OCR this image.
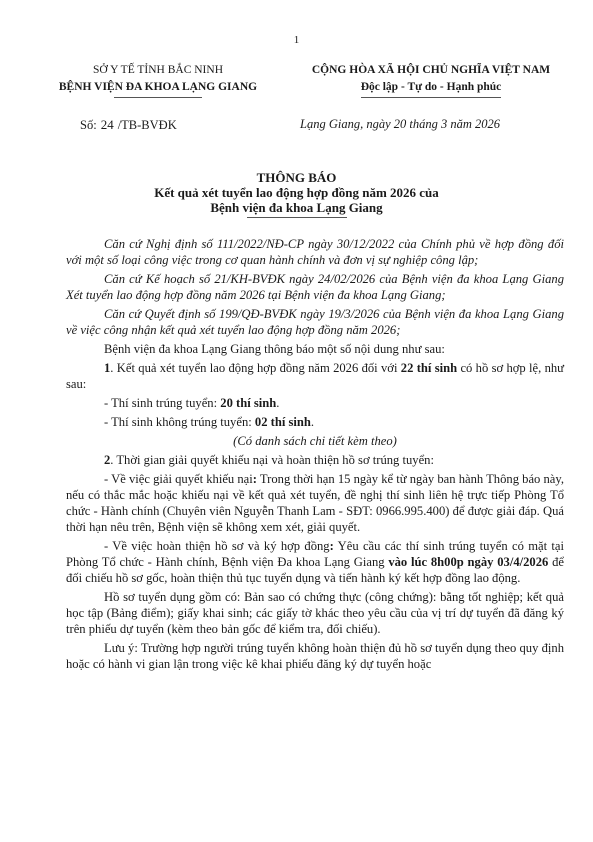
1
SỞ Y TẾ TỈNH BẮC NINH
BỆNH VIỆN ĐA KHOA LẠNG GIANG
CỘNG HÒA XÃ HỘI CHỦ NGHĨA VIỆT NAM
Độc lập - Tự do - Hạnh phúc
Số: 24 /TB-BVĐK	Lạng Giang, ngày 20 tháng 3 năm 2026
THÔNG BÁO
Kết quả xét tuyển lao động hợp đồng năm 2026 của
Bệnh viện đa khoa Lạng Giang

Căn cứ Nghị định số 111/2022/NĐ-CP ngày 30/12/2022 của Chính phủ về hợp đồng đối với một số loại công việc trong cơ quan hành chính và đơn vị sự nghiệp công lập;

Căn cứ Kế hoạch số 21/KH-BVĐK ngày 24/02/2026 của Bệnh viện đa khoa Lạng Giang Xét tuyển lao động hợp đồng năm 2026 tại Bệnh viện đa khoa Lạng Giang;

Căn cứ Quyết định số 199/QĐ-BVĐK ngày 19/3/2026 của Bệnh viện đa khoa Lạng Giang về việc công nhận kết quả xét tuyển lao động hợp đồng năm 2026;

Bệnh viện đa khoa Lạng Giang thông báo một số nội dung như sau:

1. Kết quả xét tuyển lao động hợp đồng năm 2026 đối với 22 thí sinh có hồ sơ hợp lệ, như sau:

- Thí sinh trúng tuyển: 20 thí sinh.

- Thí sinh không trúng tuyển: 02 thí sinh.

(Có danh sách chi tiết kèm theo)

2. Thời gian giải quyết khiếu nại và hoàn thiện hồ sơ trúng tuyển:

- Về việc giải quyết khiếu nại: Trong thời hạn 15 ngày kể từ ngày ban hành Thông báo này, nếu có thắc mắc hoặc khiếu nại về kết quả xét tuyển, đề nghị thí sinh liên hệ trực tiếp Phòng Tổ chức - Hành chính (Chuyên viên Nguyễn Thanh Lam - SĐT: 0966.995.400) để được giải đáp. Quá thời hạn nêu trên, Bệnh viện sẽ không xem xét, giải quyết.

- Về việc hoàn thiện hồ sơ và ký hợp đồng: Yêu cầu các thí sinh trúng tuyển có mặt tại Phòng Tổ chức - Hành chính, Bệnh viện Đa khoa Lạng Giang vào lúc 8h00p ngày 03/4/2026 để đối chiếu hồ sơ gốc, hoàn thiện thủ tục tuyển dụng và tiến hành ký kết hợp đồng lao động.

Hồ sơ tuyển dụng gồm có: Bản sao có chứng thực (công chứng): bằng tốt nghiệp; kết quả học tập (Bảng điểm); giấy khai sinh; các giấy tờ khác theo yêu cầu của vị trí dự tuyển đã đăng ký trên phiếu dự tuyển (kèm theo bản gốc để kiểm tra, đối chiếu).

Lưu ý: Trường hợp người trúng tuyển không hoàn thiện đủ hồ sơ tuyển dụng theo quy định hoặc có hành vi gian lận trong việc kê khai phiếu đăng ký dự tuyển hoặc
